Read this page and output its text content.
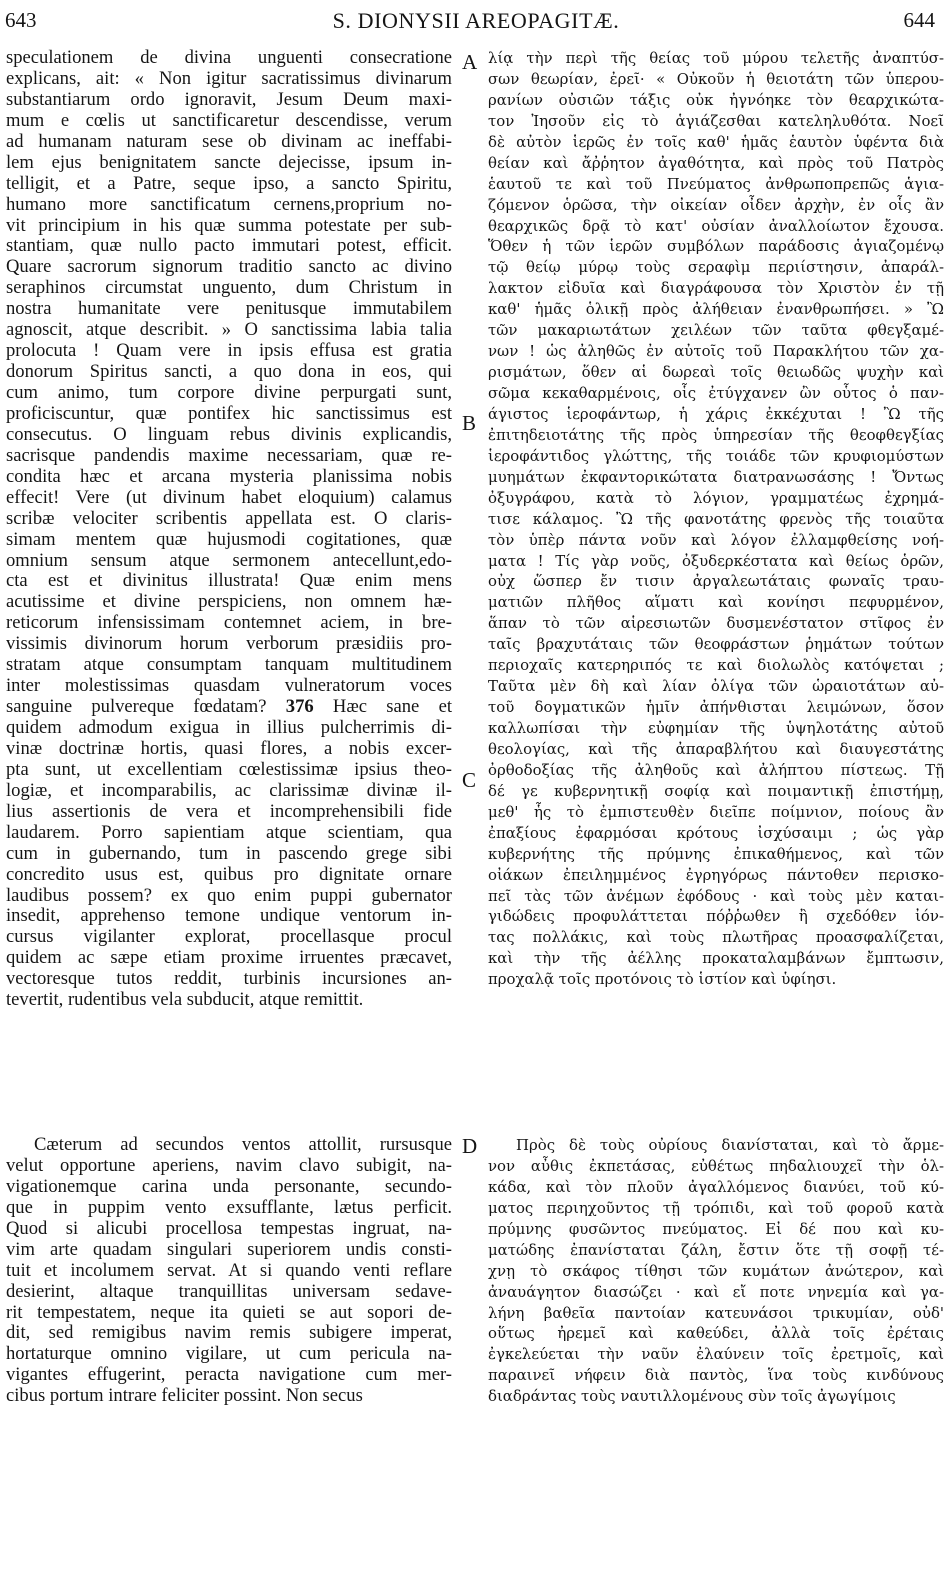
643	S. DIONYSII AREOPAGITÆ.	644
speculationem de divina unguenti consecratione
explicans, ait: « Non igitur sacratissimus divinarum
substantiarum ordo ignoravit, Jesum Deum maxi-
mum e cœlis ut sanctificaretur descendisse, verum
ad humanam naturam sese ob divinam ac ineffabi-
lem ejus benignitatem sancte dejecisse, ipsum in-
telligit, et a Patre, seque ipso, a sancto Spiritu,
humano more sanctificatum cernens,proprium no-
vit principium in his quæ summa potestate per sub-
stantiam, quæ nullo pacto immutari potest, efficit.
Quare sacrorum signorum traditio sancto ac divino
seraphinos circumstat unguento, dum Christum in
nostra humanitate vere penitusque immutabilem
agnoscit, atque describit. » O sanctissima labia talia
prolocuta ! Quam vere in ipsis effusa est gratia
donorum Spiritus sancti, a quo dona in eos, qui
cum animo, tum corpore divine perpurgati sunt,
proficiscuntur, quæ pontifex hic sanctissimus est
consecutus. O linguam rebus divinis explicandis,
sacrisque pandendis maxime necessariam, quæ re-
condita hæc et arcana mysteria planissima nobis
effecit! Vere (ut divinum habet eloquium) calamus
scribæ velociter scribentis appellata est. O claris-
simam mentem quæ hujusmodi cogitationes, quæ
omnium sensum atque sermonem antecellunt,edo-
cta est et divinitus illustrata! Quæ enim mens
acutissime et divine perspiciens, non omnem hæ-
reticorum infensissimam contemnet aciem, in bre-
vissimis divinorum horum verborum præsidiis pro-
stratam atque consumptam tanquam multitudinem
inter molestissimas quasdam vulneratorum voces
sanguine pulvereque fœdatam? 376 Hæc sane et
quidem admodum exigua in illius pulcherrimis di-
vinæ doctrinæ hortis, quasi flores, a nobis excer-
pta sunt, ut excellentiam cœlestissimæ ipsius theo-
logiæ, et incomparabilis, ac clarissimæ divinæ il-
lius assertionis de vera et incomprehensibili fide
laudarem. Porro sapientiam atque scientiam, qua
cum in gubernando, tum in pascendo grege sibi
concredito usus est, quibus pro dignitate ornare
laudibus possem? ex quo enim puppi gubernator
insedit, apprehenso temone undique ventorum in-
cursus vigilanter explorat, procellasque procul
quidem ac sæpe etiam proxime irruentes præcavet,
vectoresque tutos reddit, turbinis incursiones an-
tevertit, rudentibus vela subducit, atque remittit.
Cæterum ad secundos ventos attollit, rursusque
velut opportune aperiens, navim clavo subigit, na-
vigationemque carina unda personante, secundo-
que in puppim vento exsufflante, lætus perficit.
Quod si alicubi procellosa tempestas ingruat, na-
vim arte quadam singulari superiorem undis consti-
tuit et incolumem servat. At si quando venti reflare
desierint, altaque tranquillitas universam sedave-
rit tempestatem, neque ita quieti se aut sopori de-
dit, sed remigibus navim remis subigere imperat,
hortaturque omnino vigilare, ut cum pericula na-
vigantes effugerint, peracta navigatione cum mer-
cibus portum intrare feliciter possint. Non secus
λίᾳ τὴν περὶ τῆς θείας τοῦ μύρου τελετῆς ἀναπτύσ-
σων θεωρίαν, ἐρεῖ· « Οὐκοῦν ἡ θειοτάτη τῶν ὑπερου-
ρανίων οὐσιῶν τάξις οὐκ ἠγνόηκε τὸν θεαρχικώτα-
τον Ἰησοῦν εἰς τὸ ἁγιάζεσθαι κατεληλυθότα. Νοεῖ
δὲ αὐτὸν ἱερῶς ἐν τοῖς καθ' ἡμᾶς ἑαυτὸν ὑφέντα διὰ
θείαν καὶ ἄῤῥητον ἀγαθότητα, καὶ πρὸς τοῦ Πατρὸς
ἑαυτοῦ τε καὶ τοῦ Πνεύματος ἀνθρωποπρεπῶς ἁγια-
ζόμενον ὁρῶσα, τὴν οἰκείαν οἶδεν ἀρχὴν, ἐν οἷς ἂν
θεαρχικῶς δρᾷ τὸ κατ' οὐσίαν ἀναλλοίωτον ἔχουσα.
Ὅθεν ἡ τῶν ἱερῶν συμβόλων παράδοσις ἁγιαζομένῳ
τῷ θείῳ μύρῳ τοὺς σεραφὶμ περιίστησιν, ἀπαράλ-
λακτον εἰδυῖα καὶ διαγράφουσα τὸν Χριστὸν ἐν τῇ
καθ' ἡμᾶς ὁλικῇ πρὸς ἀλήθειαν ἐνανθρωπήσει. » Ὢ
τῶν μακαριωτάτων χειλέων τῶν ταῦτα φθεγξαμέ-
νων ! ὡς ἀληθῶς ἐν αὐτοῖς τοῦ Παρακλήτου τῶν χα-
ρισμάτων, ὅθεν αἱ δωρεαὶ τοῖς θειωδῶς ψυχὴν καὶ
σῶμα κεκαθαρμένοις, οἷς ἐτύγχανεν ὢν οὗτος ὁ παν-
άγιστος ἱεροφάντωρ, ἡ χάρις ἐκκέχυται ! Ὢ τῆς
ἐπιτηδειοτάτης τῆς πρὸς ὑπηρεσίαν τῆς θεοφθεγξίας
ἱεροφάντιδος γλώττης, τῆς τοιάδε τῶν κρυφιομύστων
μυημάτων ἐκφαντορικώτατα διατρανωσάσης ! Ὄντως
ὀξυγράφου, κατὰ τὸ λόγιον, γραμματέως ἐχρημά-
τισε κάλαμος. Ὢ τῆς φανοτάτης φρενὸς τῆς τοιαῦτα
τὸν ὑπὲρ πάντα νοῦν καὶ λόγον ἐλλαμφθείσης νοή-
ματα ! Τίς γὰρ νοῦς, ὀξυδερκέστατα καὶ θείως ὁρῶν,
οὐχ ὥσπερ ἔν τισιν ἀργαλεωτάταις φωναῖς τραυ-
ματιῶν πλῆθος αἵματι καὶ κονίησι πεφυρμένον,
ἅπαν τὸ τῶν αἱρεσιωτῶν δυσμενέστατον στῖφος ἐν
ταῖς βραχυτάταις τῶν θεοφράστων ῥημάτων τούτων
περιοχαῖς κατερηριπός τε καὶ διολωλὸς κατόψεται ;
Ταῦτα μὲν δὴ καὶ λίαν ὀλίγα τῶν ὡραιοτάτων αὐ-
τοῦ δογματικῶν ἡμῖν ἀπήνθισται λειμώνων, ὅσον
καλλωπίσαι τὴν εὐφημίαν τῆς ὑψηλοτάτης αὐτοῦ
θεολογίας, καὶ τῆς ἀπαραβλήτου καὶ διαυγεστάτης
ὀρθοδοξίας τῆς ἀληθοῦς καὶ ἀλήπτου πίστεως. Τῇ
δέ γε κυβερνητικῇ σοφίᾳ καὶ ποιμαντικῇ ἐπιστήμῃ,
μεθ' ἧς τὸ ἐμπιστευθὲν διεῖπε ποίμνιον, ποίους ἂν
ἐπαξίους ἐφαρμόσαι κρότους ἰσχύσαιμι ; ὡς γὰρ
κυβερνήτης τῆς πρύμνης ἐπικαθήμενος, καὶ τῶν
οἰάκων ἐπειλημμένος ἐγρηγόρως πάντοθεν περισκο-
πεῖ τὰς τῶν ἀνέμων ἐφόδους · καὶ τοὺς μὲν καται-
γιδώδεις προφυλάττεται πόῤῥωθεν ἢ σχεδόθεν ἰόν-
τας πολλάκις, καὶ τοὺς πλωτῆρας προασφαλίζεται,
καὶ τὴν τῆς ἀέλλης προκαταλαμβάνων ἔμπτωσιν,
προχαλᾷ τοῖς προτόνοις τὸ ἱστίον καὶ ὑφίησι.
Πρὸς δὲ τοὺς οὐρίους διανίσταται, καὶ τὸ ἄρμε-
νον αὖθις ἐκπετάσας, εὐθέτως πηδαλιουχεῖ τὴν ὁλ-
κάδα, καὶ τὸν πλοῦν ἀγαλλόμενος διανύει, τοῦ κύ-
ματος περιηχοῦντος τῇ τρόπιδι, καὶ τοῦ φοροῦ κατὰ
πρύμνης φυσῶντος πνεύματος. Εἰ δέ που καὶ κυ-
ματώδης ἐπανίσταται ζάλη, ἔστιν ὅτε τῇ σοφῇ τέ-
χνῃ τὸ σκάφος τίθησι τῶν κυμάτων ἀνώτερον, καὶ
ἀναυάγητον διασώζει · καὶ εἴ ποτε νηνεμία καὶ γα-
λήνη βαθεῖα παντοίαν κατευνάσοι τρικυμίαν, οὐδ'
οὕτως ἠρεμεῖ καὶ καθεύδει, ἀλλὰ τοῖς ἐρέταις
ἐγκελεύεται τὴν ναῦν ἐλαύνειν τοῖς ἐρετμοῖς, καὶ
παραινεῖ νήφειν διὰ παντὸς, ἵνα τοὺς κινδύνους
διαδράντας τοὺς ναυτιλλομένους σὺν τοῖς ἀγωγίμοις
A
B
C
D
